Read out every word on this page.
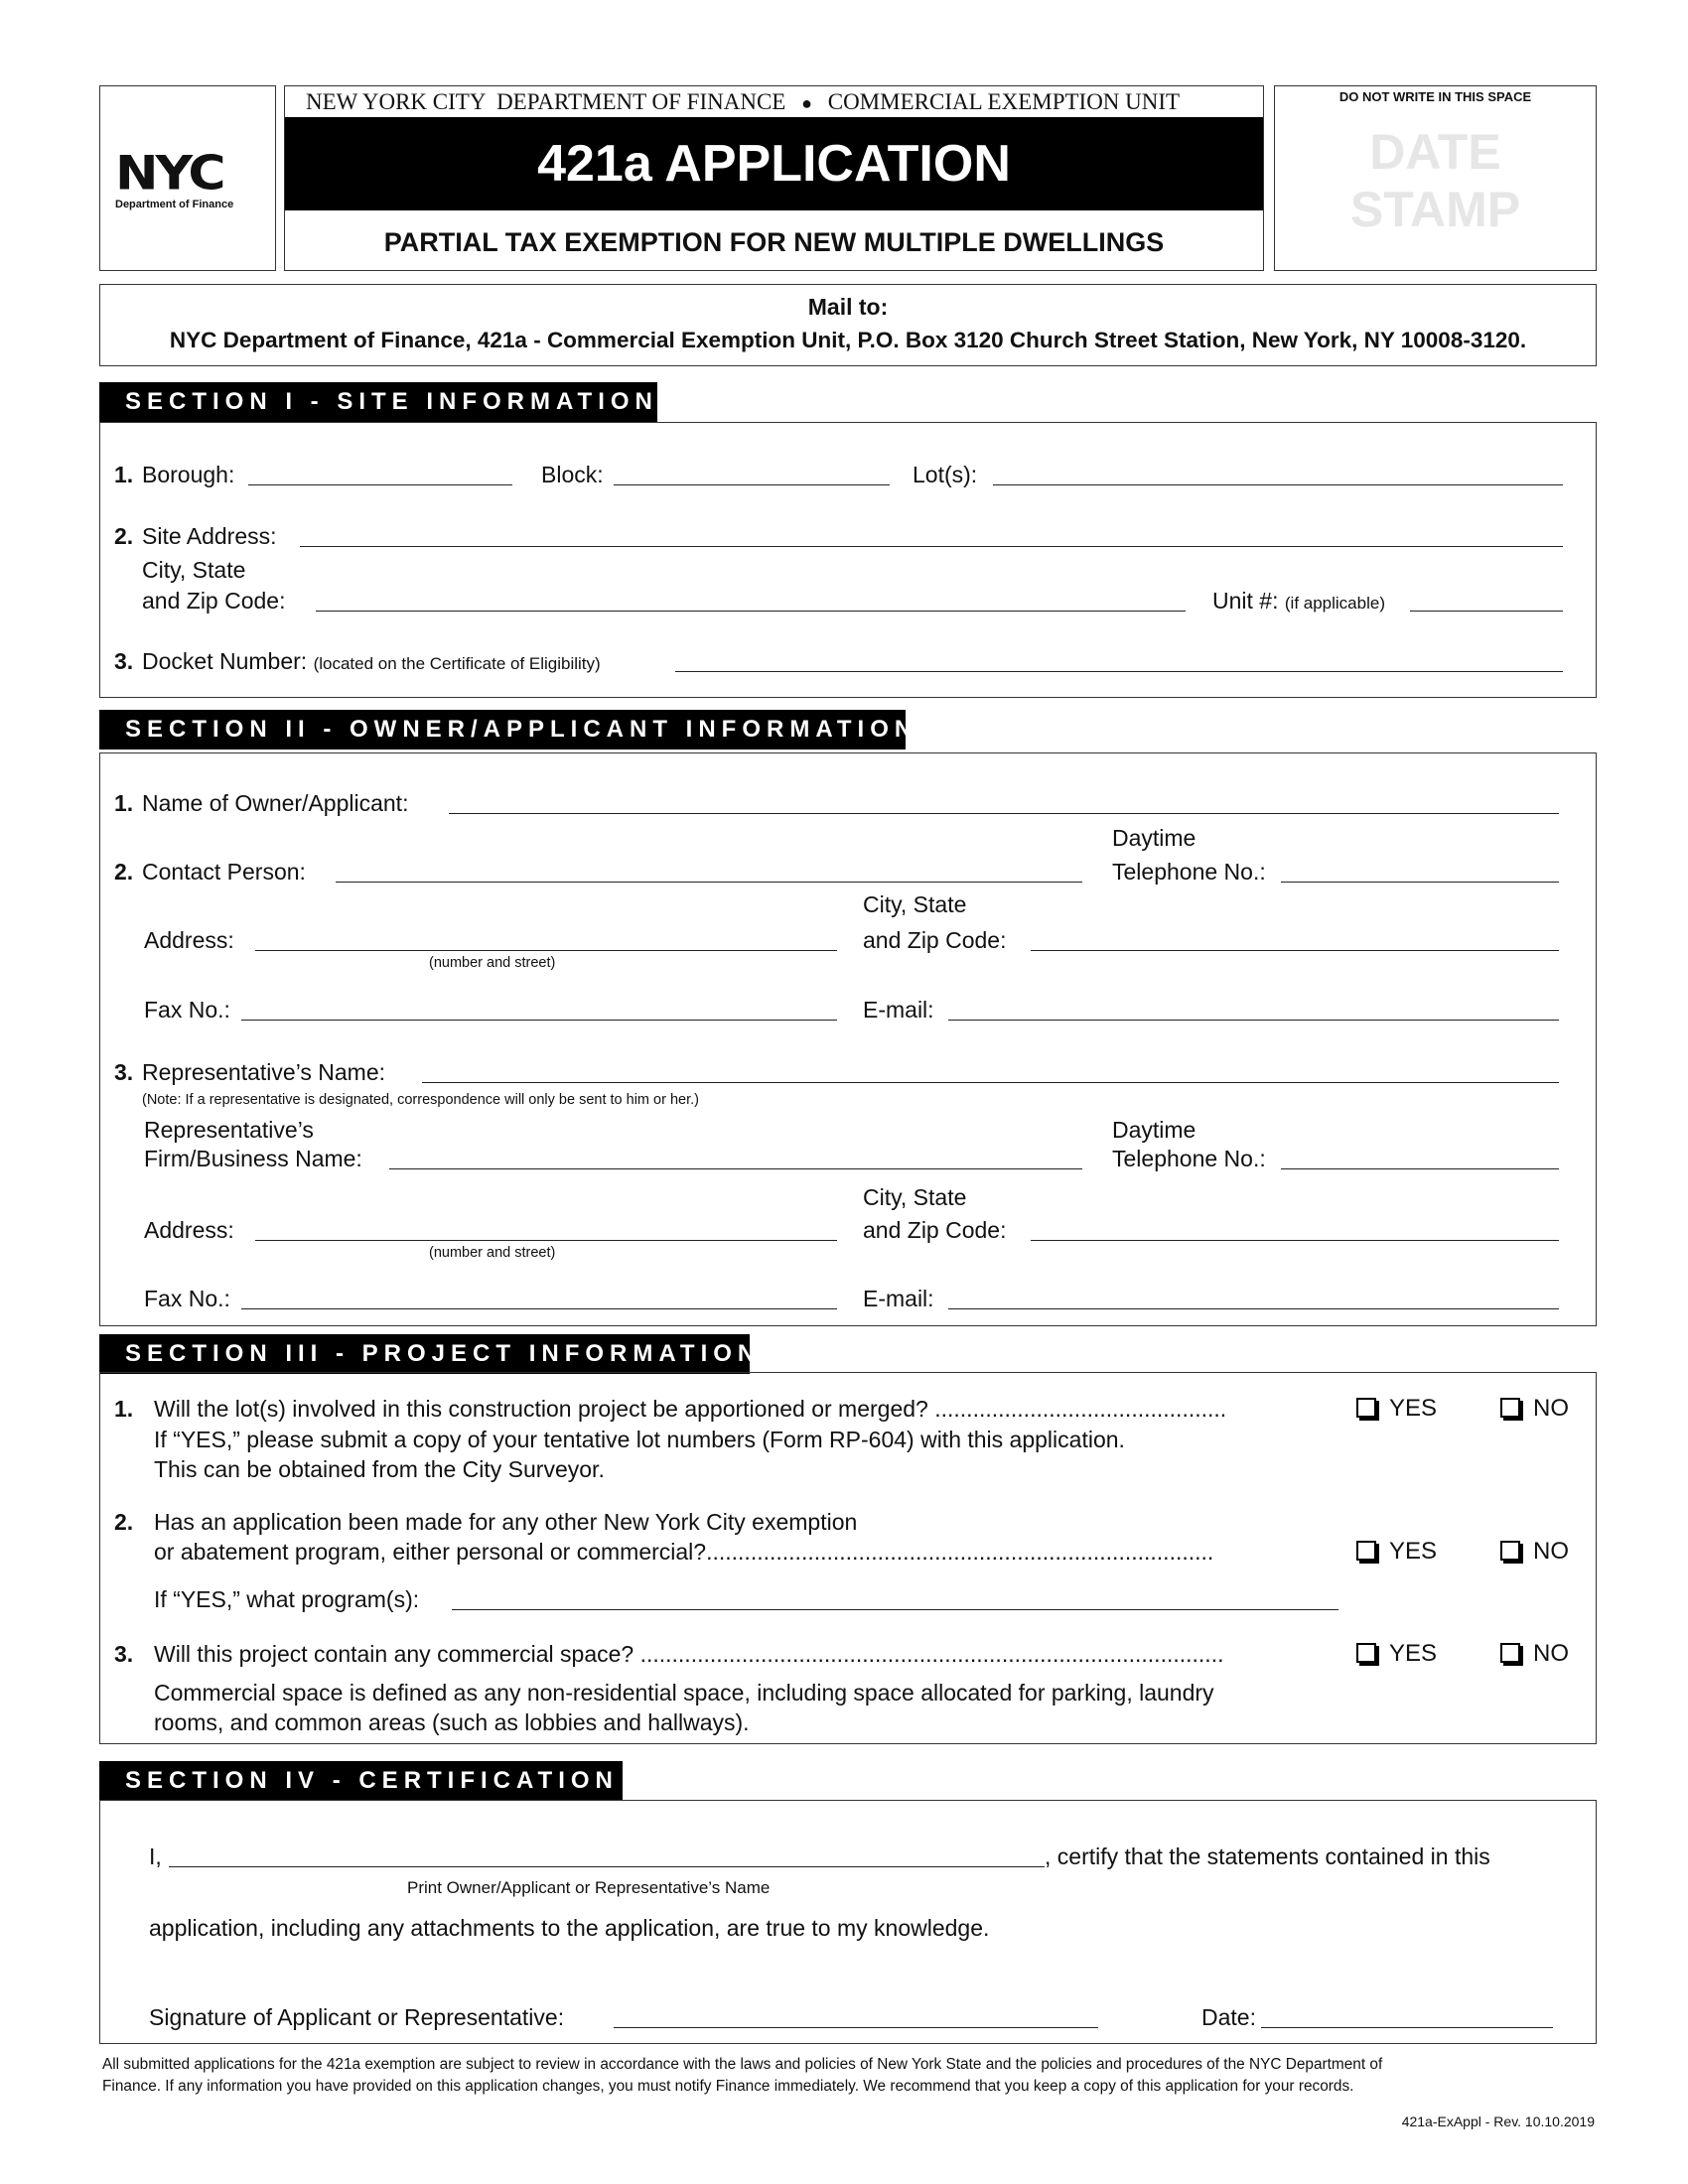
NYC
Department of Finance
NEW YORK CITY  DEPARTMENT OF FINANCE ● COMMERCIAL EXEMPTION UNIT
421a APPLICATION
PARTIAL TAX EXEMPTION FOR NEW MULTIPLE DWELLINGS
DO NOT WRITE IN THIS SPACE
DATE
STAMP
Mail to:
NYC Department of Finance, 421a - Commercial Exemption Unit, P.O. Box 3120 Church Street Station, New York, NY 10008-3120.
SECTION I - SITE INFORMATION
1. Borough:	Block:	Lot(s):
2. Site Address:
City, State
and Zip Code:	Unit #: (if applicable)
3. Docket Number: (located on the Certificate of Eligibility)
SECTION II - OWNER/APPLICANT INFORMATION
1. Name of Owner/Applicant:
Daytime
2. Contact Person:	Telephone No.:
City, State
Address:
(number and street)
and Zip Code:
Fax No.:	E-mail:
3. Representative’s Name:
(Note: If a representative is designated, correspondence will only be sent to him or her.)
Representative’s	Daytime
Firm/Business Name:	Telephone No.:
City, State
Address:
(number and street)
and Zip Code:
Fax No.:	E-mail:
SECTION III - PROJECT INFORMATION
1. Will the lot(s) involved in this construction project be apportioned or merged? ..............................................	YES	NO
If “YES,” please submit a copy of your tentative lot numbers (Form RP-604) with this application.
This can be obtained from the City Surveyor.
2. Has an application been made for any other New York City exemption
or abatement program, either personal or commercial?................................................................................	YES	NO
If “YES,” what program(s):
3. Will this project contain any commercial space? ............................................................................................	YES	NO
Commercial space is defined as any non-residential space, including space allocated for parking, laundry
rooms, and common areas (such as lobbies and hallways).
SECTION IV - CERTIFICATION
I,	, certify that the statements contained in this
Print Owner/Applicant or Representative’s Name
application, including any attachments to the application, are true to my knowledge.
Signature of Applicant or Representative:	Date:
All submitted applications for the 421a exemption are subject to review in accordance with the laws and policies of New York State and the policies and procedures of the NYC Department of
Finance. If any information you have provided on this application changes, you must notify Finance immediately. We recommend that you keep a copy of this application for your records.
421a-ExAppl - Rev. 10.10.2019
